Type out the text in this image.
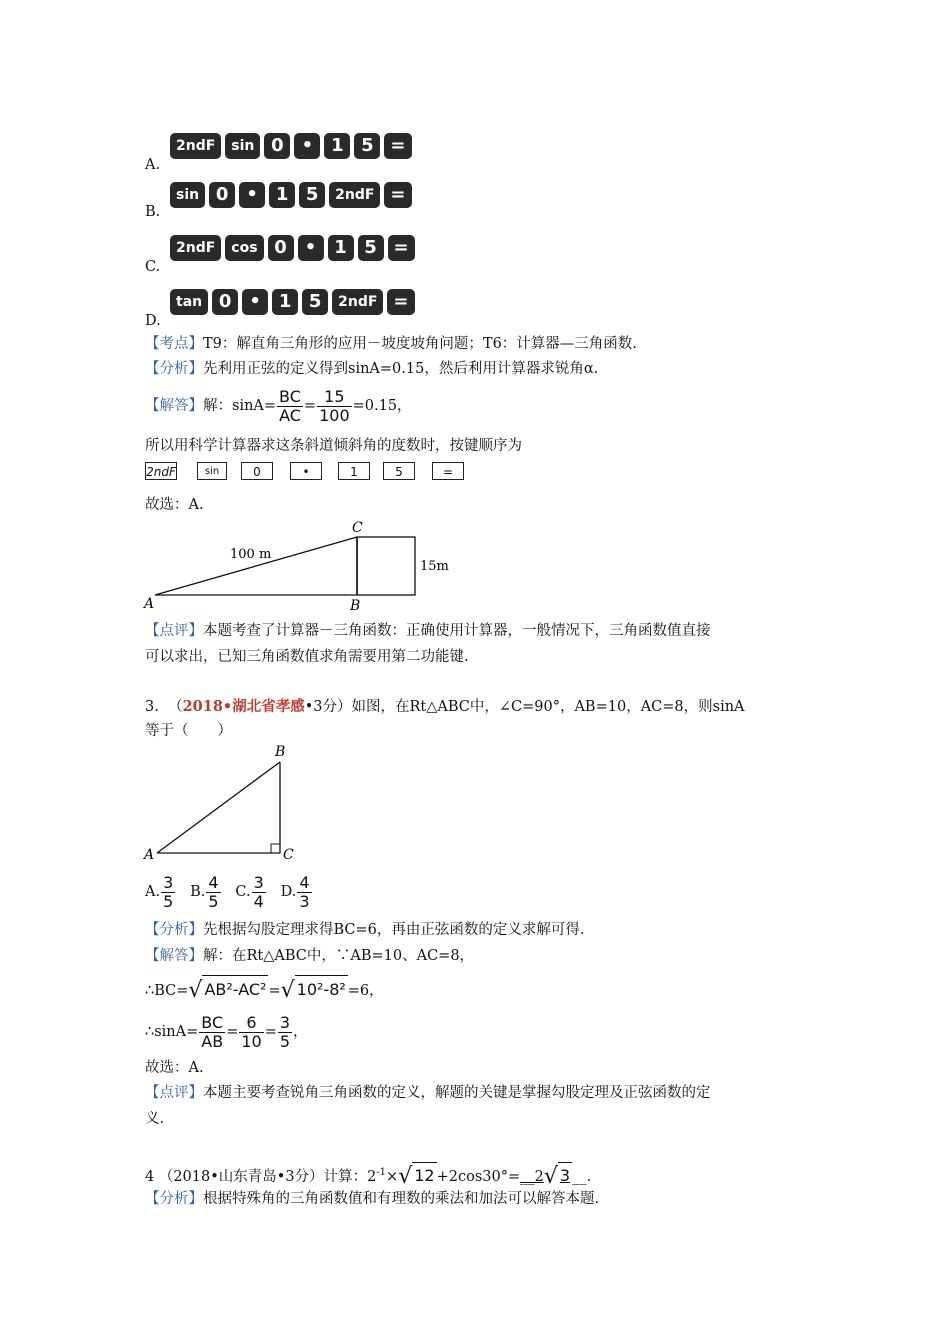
A.
2ndF	sin 0 • 1 5 =
B.
sin 0 • 1 5	2ndF =
C.
2ndF	cos 0 • 1 5 =
D.
tan 0 • 1 5	2ndF =
【考点】T9：解直角三角形的应用－坡度坡角问题；T6：计算器—三角函数.
【分析】先利用正弦的定义得到sinA=0.15，然后利用计算器求锐角α.
【解答】解：$\sin A= \frac{BC}{AC} = \frac{15}{100} =0.15$，
所以用科学计算器求这条斜道倾斜角的度数时，按键顺序为
2ndF	sin	0	•	1	5	=
故选：A.
C
A	B
100 m
15m
【点评】本题考查了计算器－三角函数：正确使用计算器，一般情况下，三角函数值直接
可以求出，已知三角函数值求角需要用第二功能键.
3. （2018•湖北省孝感•3分）如图，在Rt△ABC中，∠C=90°，AB=10，AC=8，则sinA
等于（　　）
B
A	C
A. $\frac{3}{5} B$. $\frac{4}{5} C$. $\frac{3}{4} D$. $\frac{4}{3}$
【分析】先根据勾股定理求得BC=6，再由正弦函数的定义求解可得.
【解答】解：在Rt△ABC中，∵AB=10、AC=8，
∴BC=√ AB²-AC² =√ 10²-8² =6，
∴sinA= $\frac{BC}{AB} = \frac{6}{10} = \frac{3}{5}$ ，
故选：A.
【点评】本题主要考查锐角三角函数的定义，解题的关键是掌握勾股定理及正弦函数的定
义.
4 （2018•山东青岛•3分）计算：$2^{-1}\times√$ 12 +2cos30°=__2√ 3 __.
【分析】根据特殊角的三角函数值和有理数的乘法和加法可以解答本题.
